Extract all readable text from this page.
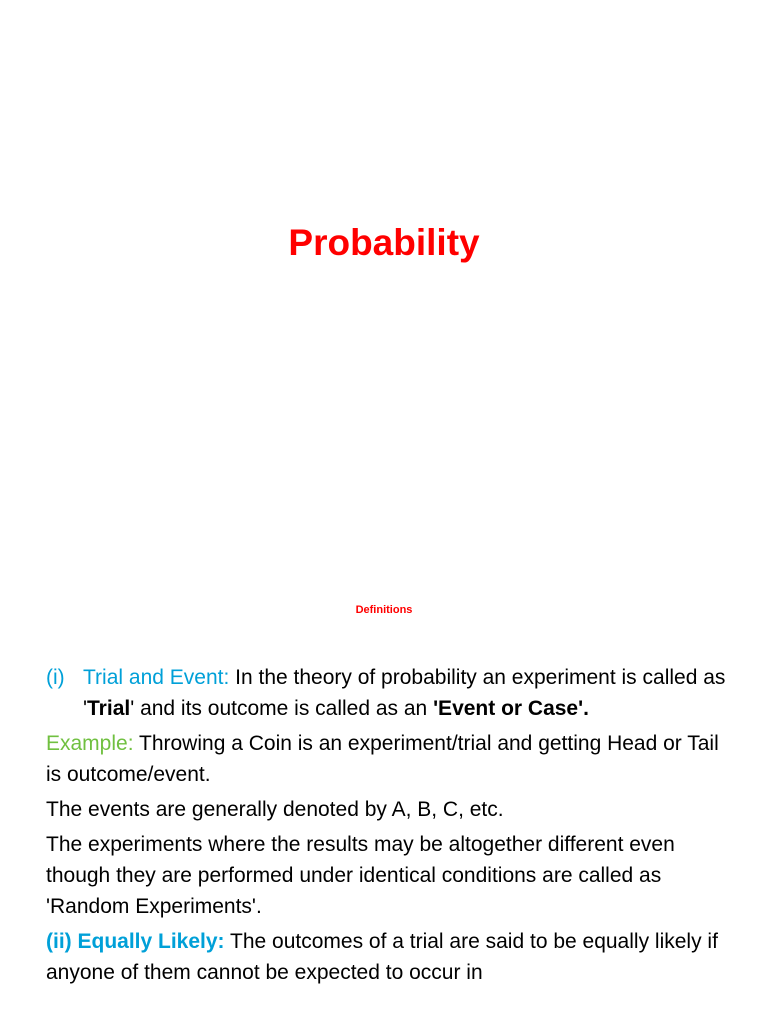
Probability
Definitions
(i) Trial and Event: In the theory of probability an experiment is called as 'Trial' and its outcome is called as an 'Event or Case'.

Example: Throwing a Coin is an experiment/trial and getting Head or Tail is outcome/event.

The events are generally denoted by A, B, C, etc.

The experiments where the results may be altogether different even though they are performed under identical conditions are called as 'Random Experiments'.

(ii) Equally Likely: The outcomes of a trial are said to be equally likely if anyone of them cannot be expected to occur in
